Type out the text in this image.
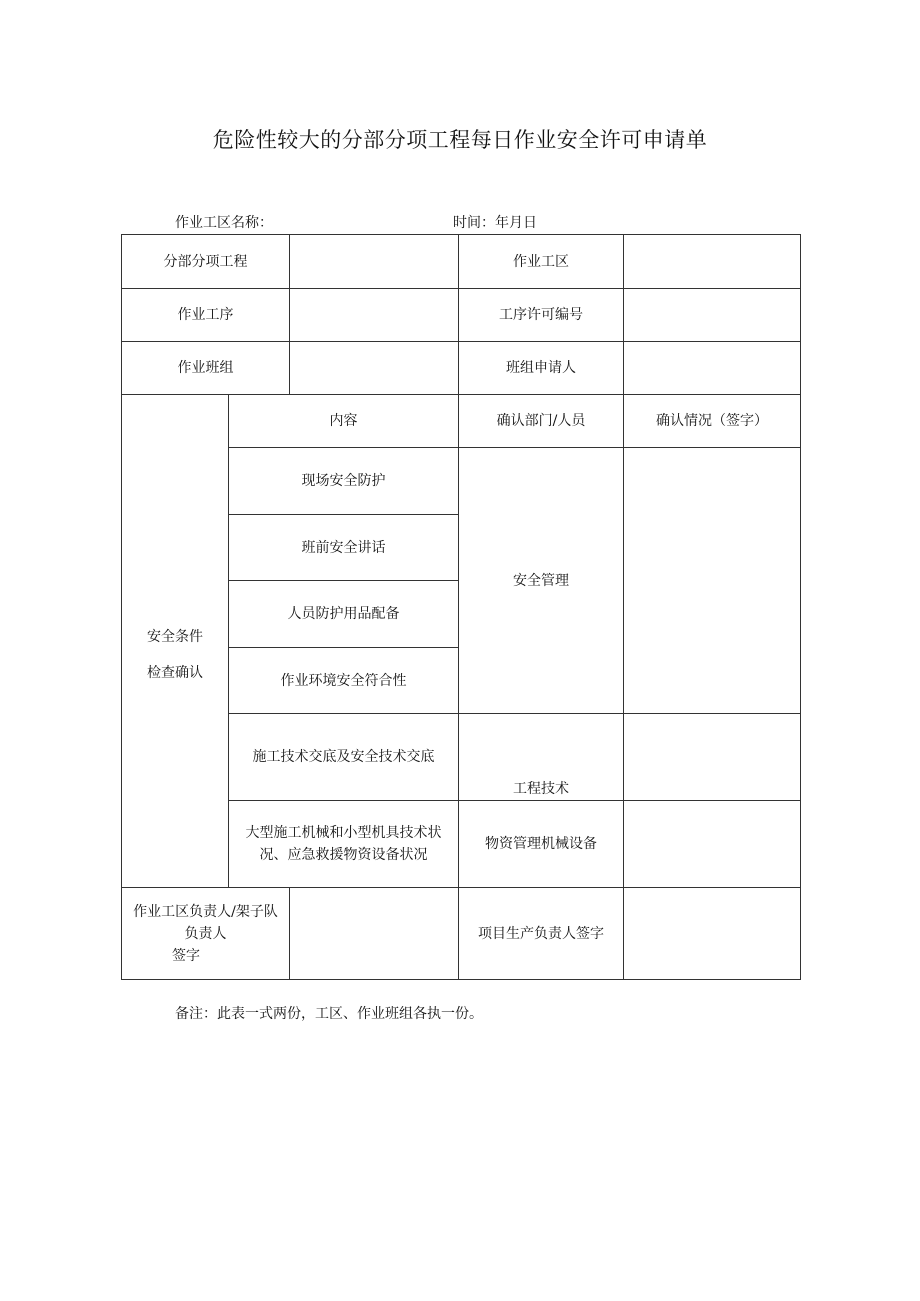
危险性较大的分部分项工程每日作业安全许可申请单
作业工区名称：	时间：年月日
分部分项工程			作业工区	
作业工序			工序许可编号	
作业班组			班组申请人	

安全条件
检查确认	内容		确认部门/人员	确认情况（签字）
	现场安全防护		安全管理	
	班前安全讲话			
	人员防护用品配备			
	作业环境安全符合性			
	施工技术交底及安全技术交底		工程技术	

	大型施工机械和小型机具技术状
况、应急救援物资设备状况		物资管理机械设备	

作业工区负责人/架子队
负责人
签字			项目生产负责人签字	
备注：此表一式两份，工区、作业班组各执一份。
